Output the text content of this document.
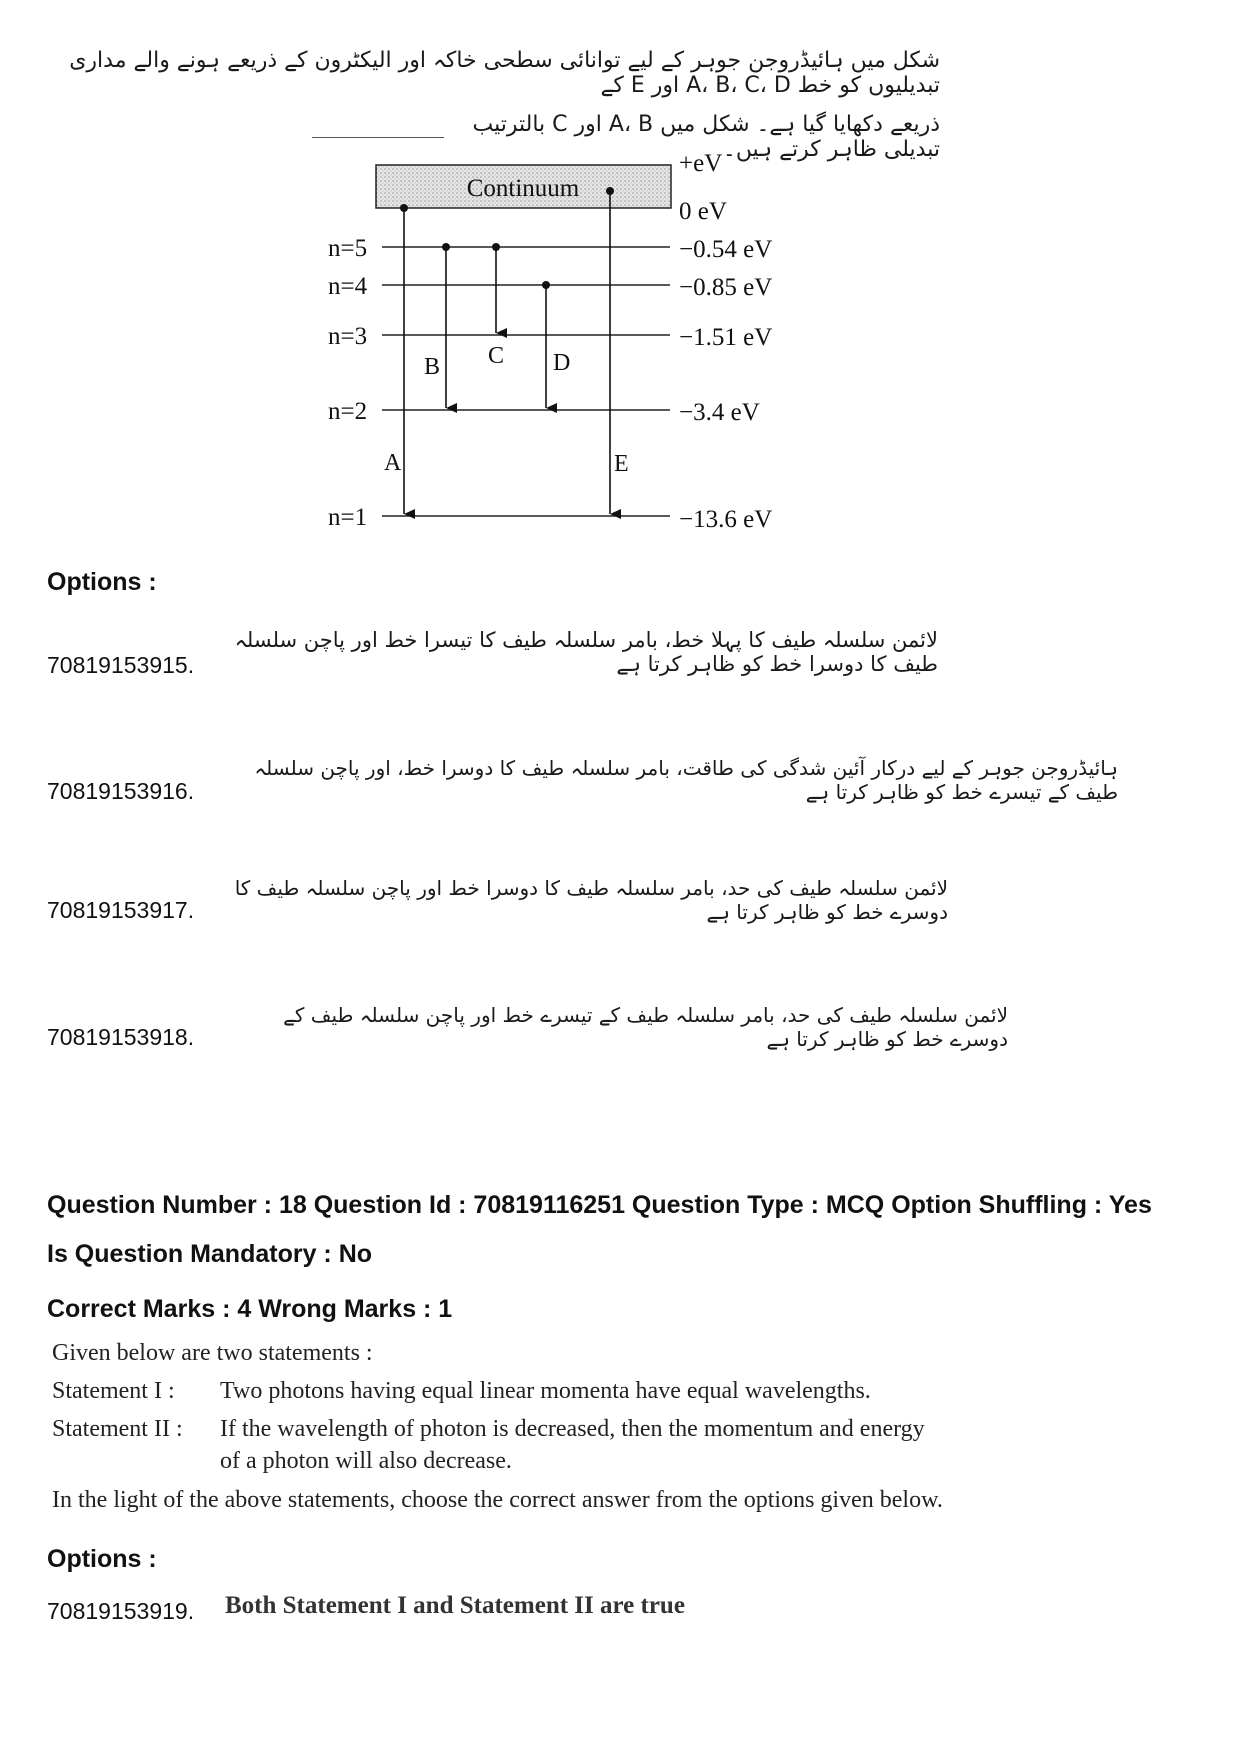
شکل میں ہائیڈروجن جوہر کے لیے توانائی سطحی خاکہ اور الیکٹرون کے ذریعے ہونے والے مداری تبدیلیوں کو خط A، B، C، D اور E کے
ذریعے دکھایا گیا ہے۔ شکل میں A، B اور C بالترتیب تبدیلی ظاہر کرتے ہیں۔
Continuum
+eV
0 eV
n=5
n=4
n=3
n=2
n=1
−0.54 eV
−0.85 eV
−1.51 eV
−3.4 eV
−13.6 eV
A
B C D
E
Options :
70819153915.
لائمن سلسلہ طیف کا پہلا خط، بامر سلسلہ طیف کا تیسرا خط اور پاچن سلسلہ طیف کا دوسرا خط کو ظاہر کرتا ہے
70819153916.
ہائیڈروجن جوہر کے لیے درکار آئین شدگی کی طاقت، بامر سلسلہ طیف کا دوسرا خط، اور پاچن سلسلہ طیف کے تیسرے خط کو ظاہر کرتا ہے
70819153917.
لائمن سلسلہ طیف کی حد، بامر سلسلہ طیف کا دوسرا خط اور پاچن سلسلہ طیف کا دوسرے خط کو ظاہر کرتا ہے
70819153918.
لائمن سلسلہ طیف کی حد، بامر سلسلہ طیف کے تیسرے خط اور پاچن سلسلہ طیف کے دوسرے خط کو ظاہر کرتا ہے
Question Number : 18 Question Id : 70819116251 Question Type : MCQ Option Shuffling : Yes
Is Question Mandatory : No
Correct Marks : 4 Wrong Marks : 1
Given below are two statements :
Statement I : Two photons having equal linear momenta have equal wavelengths.
Statement II : If the wavelength of photon is decreased, then the momentum and energy
of a photon will also decrease.
In the light of the above statements, choose the correct answer from the options given below.
Options :
70819153919. Both Statement I and Statement II are true
